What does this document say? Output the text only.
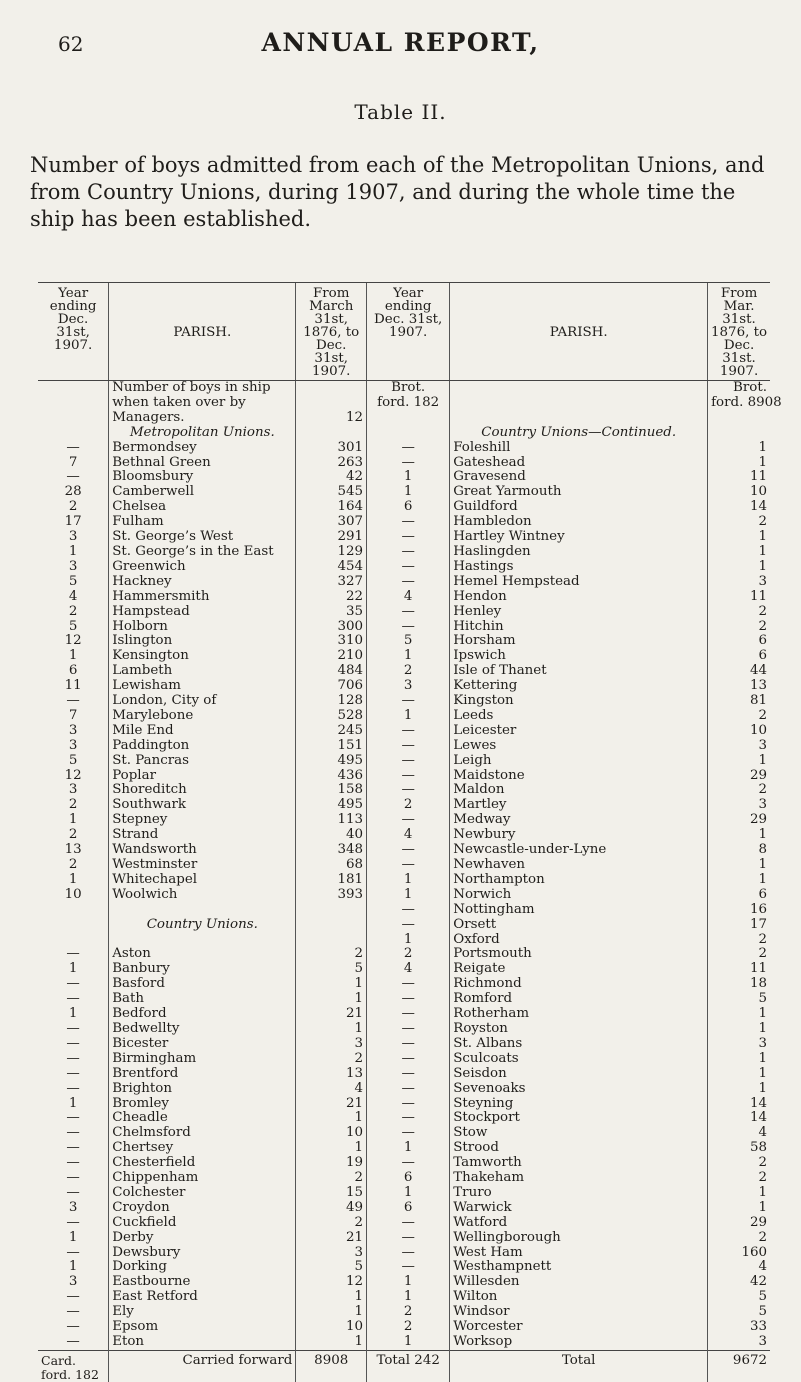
62	ANNUAL REPORT,
Table II.
Number of boys admitted from each of the Metropolitan Unions, and from Country Unions, during 1907, and during the whole time the ship has been established.
Year ending Dec. 31st, 1907.	PARISH.	From March 31st, 1876, to Dec. 31st, 1907.	Year ending Dec. 31st, 1907.	PARISH.	From Mar. 31st. 1876, to Dec. 31st. 1907.
	Number of boys in ship		Brot.		Brot.
	when taken over by		ford. 182		ford. 8908
	Managers.	12			
	Metropolitan Unions.			Country Unions—Continued.	
—	Bermondsey	301	—	Foleshill	1
7	Bethnal Green	263	—	Gateshead	1
—	Bloomsbury	42	1	Gravesend	11
28	Camberwell	545	1	Great Yarmouth	10
2	Chelsea	164	6	Guildford	14
17	Fulham	307	—	Hambledon	2
3	St. George’s West	291	—	Hartley Wintney	1
1	St. George’s in the East	129	—	Haslingden	1
3	Greenwich	454	—	Hastings	1
5	Hackney	327	—	Hemel Hempstead	3
4	Hammersmith	22	4	Hendon	11
2	Hampstead	35	—	Henley	2
5	Holborn	300	—	Hitchin	2
12	Islington	310	5	Horsham	6
1	Kensington	210	1	Ipswich	6
6	Lambeth	484	2	Isle of Thanet	44
11	Lewisham	706	3	Kettering	13
—	London, City of	128	—	Kingston	81
7	Marylebone	528	1	Leeds	2
3	Mile End	245	—	Leicester	10
3	Paddington	151	—	Lewes	3
5	St. Pancras	495	—	Leigh	1
12	Poplar	436	—	Maidstone	29
3	Shoreditch	158	—	Maldon	2
2	Southwark	495	2	Martley	3
1	Stepney	113	—	Medway	29
2	Strand	40	4	Newbury	1
13	Wandsworth	348	—	Newcastle-under-Lyne	8
2	Westminster	68	—	Newhaven	1
1	Whitechapel	181	1	Northampton	1
10	Woolwich	393	1	Norwich	6
			—	Nottingham	16
	Country Unions.		—	Orsett	17
			1	Oxford	2
—	Aston	2	2	Portsmouth	2
1	Banbury	5	4	Reigate	11
—	Basford	1	—	Richmond	18
—	Bath	1	—	Romford	5
1	Bedford	21	—	Rotherham	1
—	Bedwellty	1	—	Royston	1
—	Bicester	3	—	St. Albans	3
—	Birmingham	2	—	Sculcoats	1
—	Brentford	13	—	Seisdon	1
—	Brighton	4	—	Sevenoaks	1
1	Bromley	21	—	Steyning	14
—	Cheadle	1	—	Stockport	14
—	Chelmsford	10	—	Stow	4
—	Chertsey	1	1	Strood	58
—	Chesterfield	19	—	Tamworth	2
—	Chippenham	2	6	Thakeham	2
—	Colchester	15	1	Truro	1
3	Croydon	49	6	Warwick	1
—	Cuckfield	2	—	Watford	29
1	Derby	21	—	Wellingborough	2
—	Dewsbury	3	—	West Ham	160
1	Dorking	5	—	Westhampnett	4
3	Eastbourne	12	1	Willesden	42
—	East Retford	1	1	Wilton	5
—	Ely	1	2	Windsor	5
—	Epsom	10	2	Worcester	33
—	Eton	1	1	Worksop	3
Card. ford. 182	Carried forward	8908	Total 242	Total	9672
